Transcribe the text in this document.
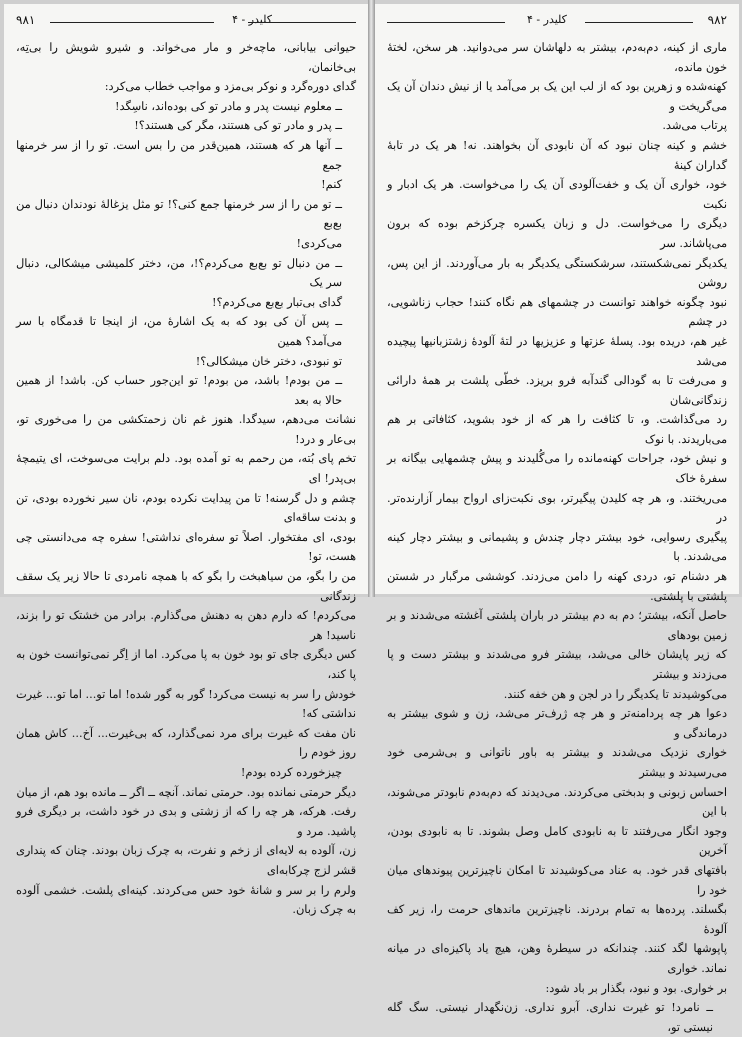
٩٨١	کلیدر - ۴

حیوانی بیابانی، ماچه‌خر و مار می‌خواند. و شیرو شویش را بی‌تِه، بی‌خانمان،

گدای دوره‌گرد و نوکر بی‌مزد و مواجب خطاب می‌کرد:

ــ معلوم نیست پدر و مادر تو کی بوده‌اند، ناسِگد!

ــ پدر و مادر تو کی هستند، مگر کی هستند؟!

ــ آنها هر که هستند، همین‌قدر من را بس است. تو را از سر خرمنها جمع

کنم!

ــ تو من را از سر خرمنها جمع کنی؟! تو مثل یزغالهٔ نودندان دنبال من بع‌بع

می‌کردی!

ــ من دنبال تو بع‌بع می‌کردم؟!، من، دختر کلمیشی میشکالی، دنبال سر یک

گدای بی‌تبار بع‌بع می‌کردم؟!

ــ پس آن کی بود که به یک اشارهٔ من، از اینجا تا قدمگاه با سر می‌آمد؟ همین

تو نبودی، دختر خان میشکالی؟!

ــ من بودم! باشد، من بودم! تو این‌جور حساب کن. باشد! از همین حالا به بعد

نشانت می‌دهم، سیدگدا. هنوز غم نان زحمتکشی من را می‌خوری تو، بی‌عار و درد!

تخم پای بُته، من رحمم به تو آمده بود. دلم برایت می‌سوخت، ای یتیمچهٔ بی‌پدر! ای

چشم و دل گرسنه! تا من پیدایت نکرده بودم، نان سیر نخورده بودی، تن و بدنت ساقه‌ای

بودی، ای مفتخوار. اصلاً تو سفره‌ای نداشتی! سفره چه می‌دانستی چی هست، تو!

من را بگو، من سیاهبخت را بگو که با همچه نامردی تا حالا زیر یک سقف زندگانی

می‌کردم! که دارم دهن به دهنش می‌گذارم. برادر من خشتک تو را بزند، ناسید! هر

کس دیگری جای تو بود خون به پا می‌کرد. اما از اِگر نمی‌توانست خون به پا کند،

خودش را سر به نیست می‌کرد! گور به گور شده! اما تو... اما تو... غیرت نداشتی که!

نان مفت که غیرت برای مرد نمی‌گذارد، که بی‌غیرت... آخ... کاش همان روز خودم را

چیزخورده کرده بودم!

دیگر حرمتی نمانده بود. حرمتی نماند. آنچه ــ اگر ــ مانده بود هم، از میان

رفت. هرکه، هر چه را که از زشتی و بدی در خود داشت، بر دیگری فرو پاشید. مرد و

زن، آلوده به لایه‌ای از زخم و نفرت، به چرک زبان بودند. چنان که پنداری قشر لزج چرکابه‌ای

ولرم را بر سر و شانهٔ خود حس می‌کردند. کینه‌ای پلشت. خشمی آلوده به چرک زبان.

٩٨٢
کلیدر - ۴

ماری از کینه، دم‌به‌دم، بیشتر به دلهاشان سر می‌دوانید. هر سخن، لختهٔ خون مانده،

کهنه‌شده و زهرین بود که از لب این یک بر می‌آمد یا از نیش دندان آن یک می‌گریخت و

پرتاب می‌شد.

خشم و کینه چنان نبود که آن نابودی آن بخواهند. نه! هر یک در تابهٔ گداران کینهٔ

خود، خواری آن یک و خفت‌آلودی آن یک را می‌خواست. هر یک ادبار و نکبت

دیگری را می‌خواست. دل و زبان یکسره چرکزخم بوده که برون می‌پاشاند. سر

یکدیگر نمی‌شکستند، سرشکستگی یکدیگر به بار می‌آوردند. از این پس، روشن

نبود چگونه خواهند توانست در چشمهای هم نگاه کنند! حجاب زناشویی، در چشم

غیر هم، دریده بود. پسلهٔ عزتها و عزیزیها در لتهٔ آلودهٔ زشتزبانیها پیچیده می‌شد

و می‌رفت تا به گودالی گندآبه فرو بریزد. خطّی پلشت بر همهٔ دارائی زندگانی‌شان

رد می‌گذاشت. و، تا کثافت را هر که از خود بشوید، کثافاتی بر هم می‌باریدند. با نوک

و نیش خود، جراحات کهنه‌مانده را می‌گُلیدند و پیش چشمهایی بیگانه بر سفرهٔ خاک

می‌ریختند. و، هر چه کلیدن پیگیرتر، بوی نکبت‌زای ارواح بیمار آزارنده‌تر. در

پیگیری رسوایی، خود بیشتر دچار چندش و پشیمانی و بیشتر دچار کینه می‌شدند. با

هر دشنام تو، دردی کهنه را دامن می‌زدند. کوششی مرگبار در شستن پلشتی با پلشتی.

حاصل آنکه، بیشتر؛ دم به دم بیشتر در باران پلشتی آغشته می‌شدند و بر زمین بودهای

که زیر پایشان خالی می‌شد، بیشتر فرو می‌شدند و بیشتر دست و پا می‌زدند و بیشتر

می‌کوشیدند تا یکدیگر را در لجن و هن خفه کنند.

دعوا هر چه پردامنه‌تر و هر چه ژرف‌تر می‌شد، زن و شوی بیشتر به درماندگی و

خواری نزدیک می‌شدند و بیشتر به باور ناتوانی و بی‌شرمی خود می‌رسیدند و بیشتر

احساس زبونی و بدبختی می‌کردند. می‌دیدند که دم‌به‌دم نابودتر می‌شوند، با این

وجود انگار می‌رفتند تا به نابودی کامل وصل بشوند. تا به نابودی بودن، آخرین

بافتهای قدر خود. به عناد می‌کوشیدند تا امکان ناچیزترین پیوندهای میان خود را

بگسلند. پرده‌ها به تمام بردرند. ناچیزترین ماندهای حرمت را، زیر کف آلودهٔ

پاپوشها لگد کنند. چندانکه در سیطرهٔ وهن، هیچ یاد پاکیزه‌ای در میانه نماند. خواری

بر خواری. بود و نبود، بگذار بر باد شود:

ــ نامرد! تو غیرت نداری. آبرو نداری. زن‌نگهدار نیستی. سگ گله نیستی تو،
